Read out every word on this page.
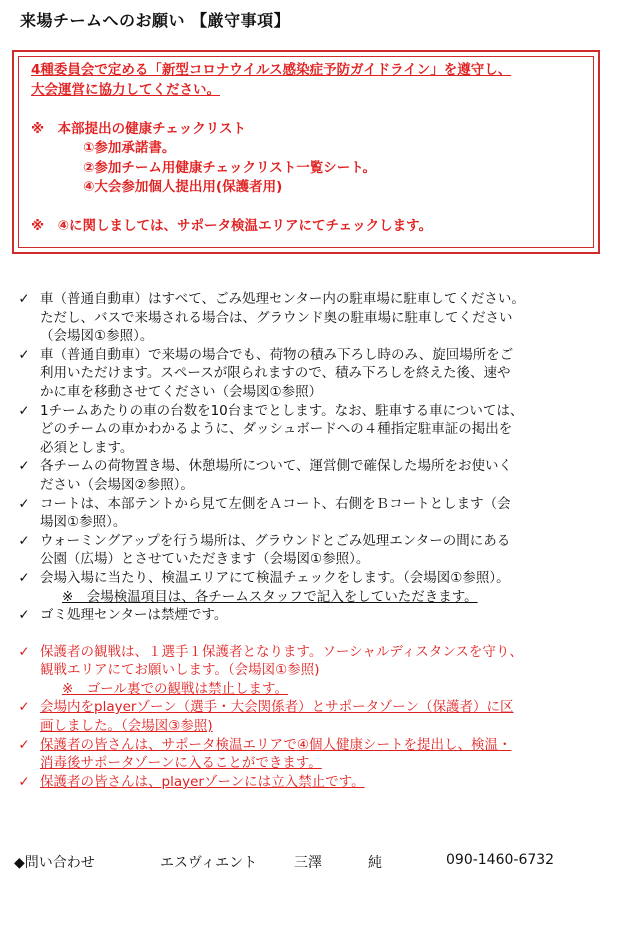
来場チームへのお願い 【厳守事項】
4種委員会で定める「新型コロナウイルス感染症予防ガイドライン」を遵守し、
大会運営に協力してください。
※　本部提出の健康チェックリスト
①参加承諾書。
②参加チーム用健康チェックリスト一覧シート。
④大会参加個人提出用(保護者用)
※　④に関しましては、サポータ検温エリアにてチェックします。
✓ 車（普通自動車）はすべて、ごみ処理センター内の駐車場に駐車してください。
ただし、バスで来場される場合は、グラウンド奥の駐車場に駐車してください
（会場図①参照）。
✓ 車（普通自動車）で来場の場合でも、荷物の積み下ろし時のみ、旋回場所をご
利用いただけます。スペースが限られますので、積み下ろしを終えた後、速や
かに車を移動させてください（会場図①参照）
✓ 1チームあたりの車の台数を10台までとします。なお、駐車する車については、
どのチームの車かわかるように、ダッシュボードへの４種指定駐車証の掲出を
必須とします。
✓ 各チームの荷物置き場、休憩場所について、運営側で確保した場所をお使いく
ださい（会場図②参照）。
✓ コートは、本部テントから見て左側をＡコート、右側をＢコートとします（会
場図①参照）。
✓ ウォーミングアップを行う場所は、グラウンドとごみ処理エンターの間にある
公園（広場）とさせていただきます（会場図①参照）。
✓ 会場入場に当たり、検温エリアにて検温チェックをします。（会場図①参照）。
※　会場検温項目は、各チームスタッフで記入をしていただきます。
✓ ゴミ処理センターは禁煙です。
✓ 保護者の観戦は、１選手１保護者となります。ソーシャルディスタンスを守り、
観戦エリアにてお願いします。（会場図①参照)
※　ゴール裏での観戦は禁止します。
✓ 会場内をplayerゾーン（選手・大会関係者）とサポータゾーン（保護者）に区
画しました。（会場図③参照)
✓ 保護者の皆さんは、サポータ検温エリアで④個人健康シートを提出し、検温・
消毒後サポータゾーンに入ることができます。
✓ 保護者の皆さんは、playerゾーンには立入禁止です。

◆問い合わせ

	エスヴィエント

	三澤

	純

	090-1460-6732
